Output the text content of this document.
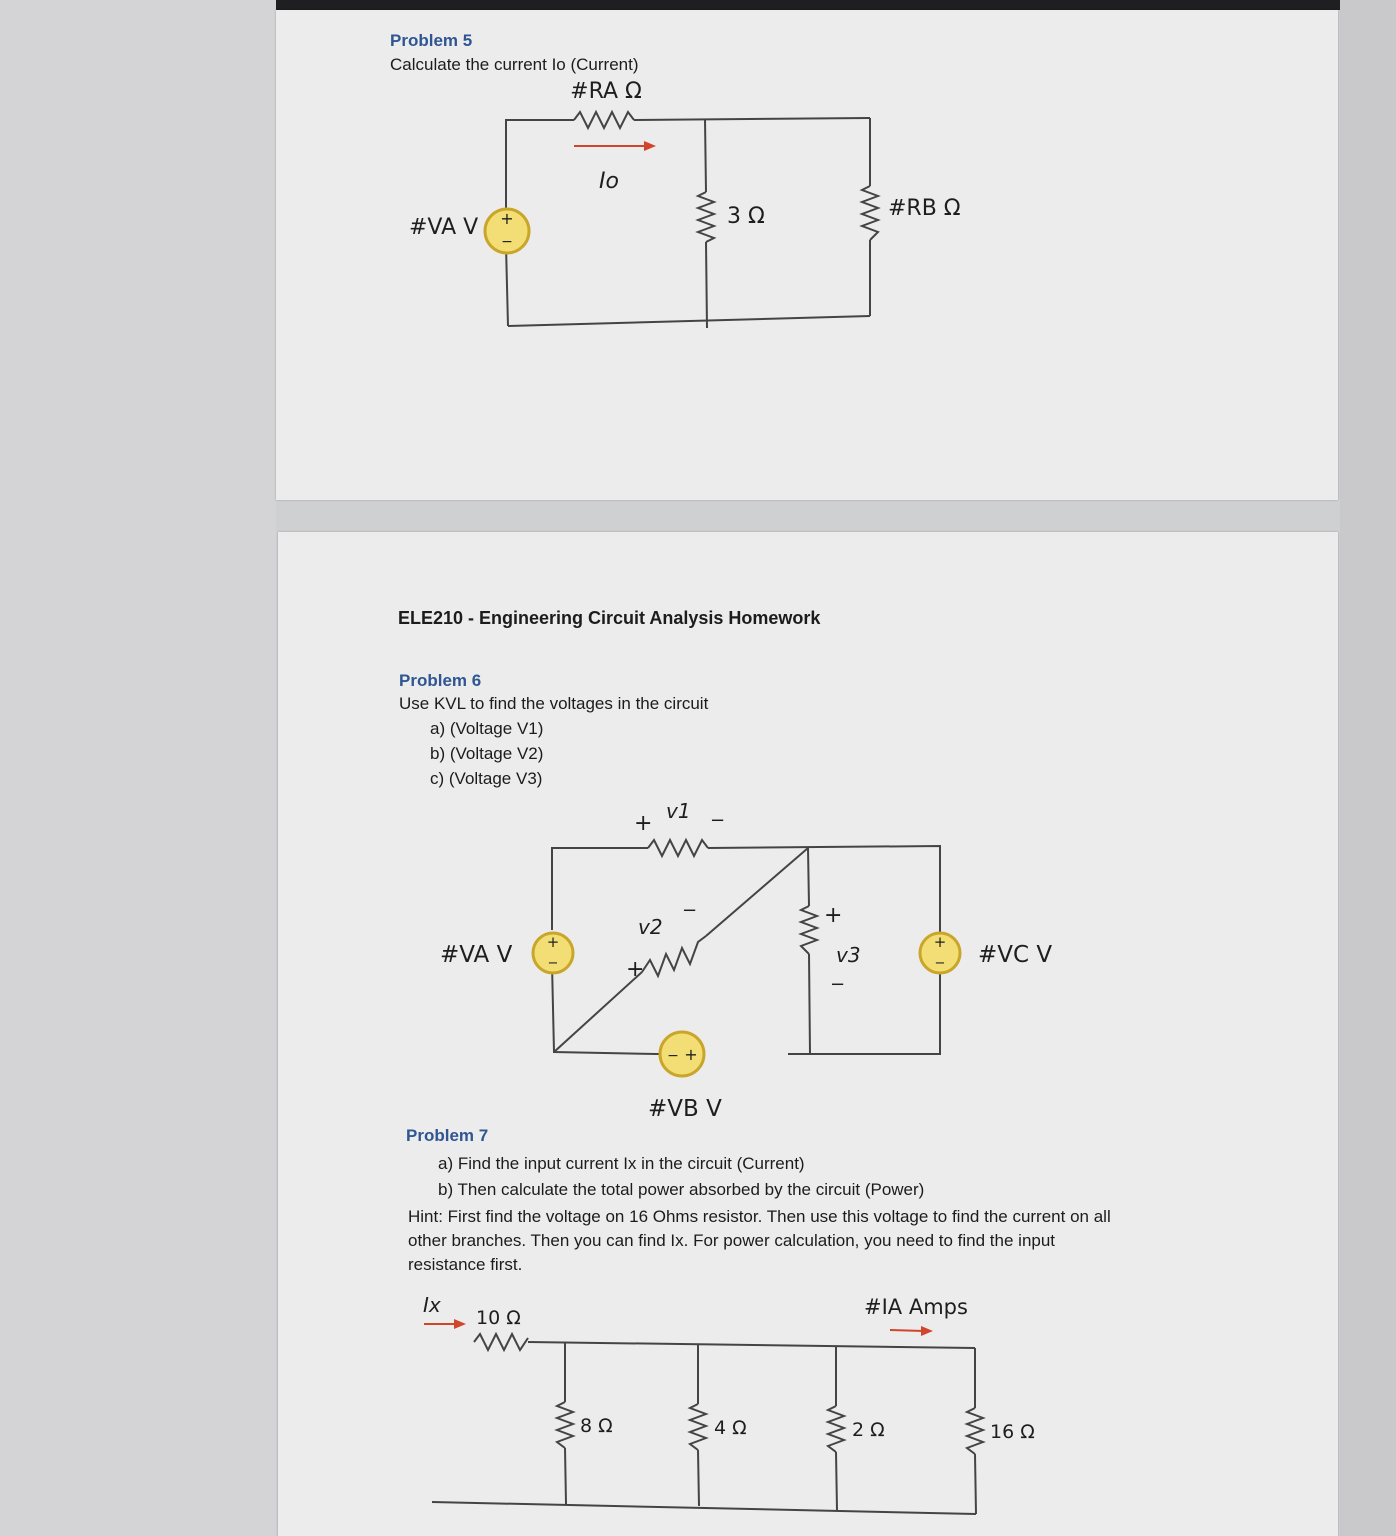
Problem 5
Calculate the current Io (Current)
+
−
#RA Ω
Io
#VA V	3 Ω	#RB Ω
ELE210 - Engineering Circuit Analysis Homework
Problem 6
Use KVL to find the voltages in the circuit
a) (Voltage V1)
b) (Voltage V2)
c) (Voltage V3)
+
−
+
−
− +
+	−
+
−	+
−
v1
v2
v3
#VA V
#VB V
#VC V
Problem 7
a) Find the input current Ix in the circuit (Current)
b) Then calculate the total power absorbed by the circuit (Power)
Hint: First find the voltage on 16 Ohms resistor. Then use this voltage to find the current on all
other branches. Then you can find Ix. For power calculation, you need to find the input
resistance first.
Ix
10 Ω
8 Ω	4 Ω	2 Ω	16 Ω
#IA Amps
